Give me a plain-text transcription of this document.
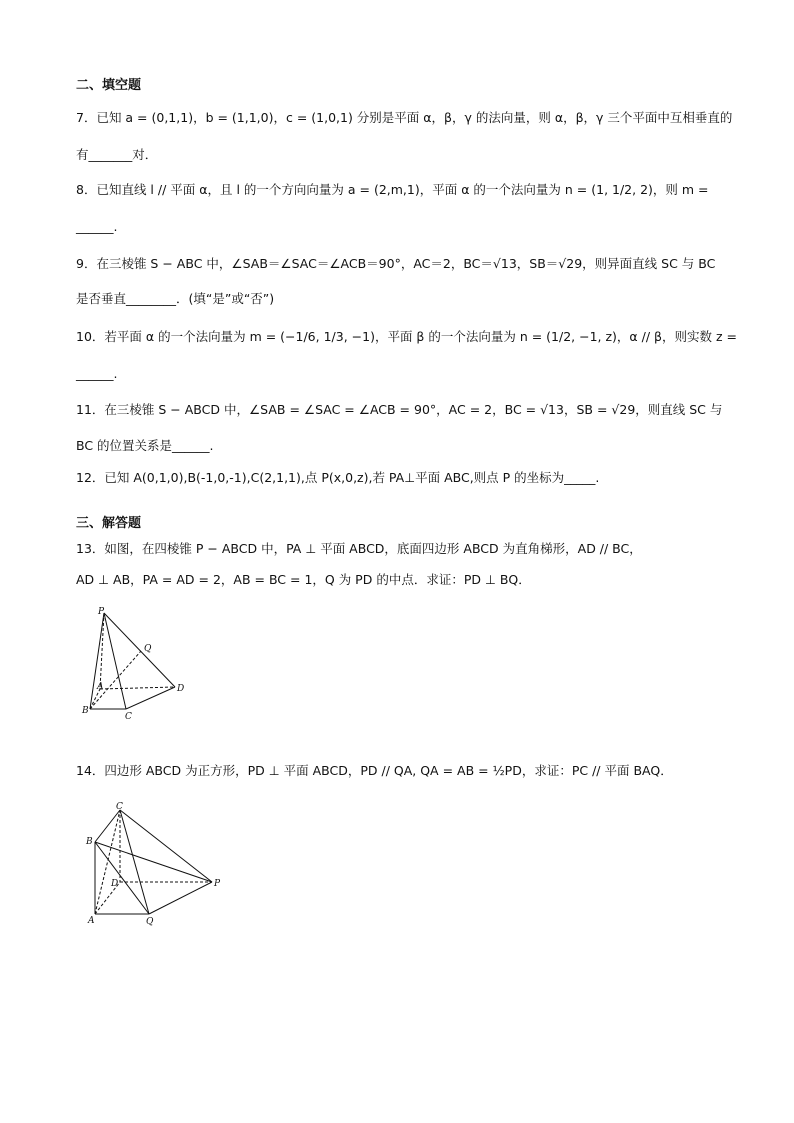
二、填空题
7．已知 a = (0,1,1)，b = (1,1,0)，c = (1,0,1) 分别是平面 α，β，γ 的法向量，则 α，β，γ 三个平面中互相垂直的
有_______对．
8．已知直线 l // 平面 α，且 l 的一个方向向量为 a = (2,m,1)，平面 α 的一个法向量为 n = (1, 1/2, 2)，则 m =
______.
9．在三棱锥 S − ABC 中，∠SAB＝∠SAC＝∠ACB＝90°，AC＝2，BC＝√13，SB＝√29，则异面直线 SC 与 BC
是否垂直________．(填“是”或“否”)
10．若平面 α 的一个法向量为 m = (−1/6, 1/3, −1)，平面 β 的一个法向量为 n = (1/2, −1, z)，α // β，则实数 z =
______.
11．在三棱锥 S − ABCD 中，∠SAB = ∠SAC = ∠ACB = 90°，AC = 2，BC = √13，SB = √29，则直线 SC 与
BC 的位置关系是______.
12．已知 A(0,1,0),B(-1,0,-1),C(2,1,1),点 P(x,0,z),若 PA⊥平面 ABC,则点 P 的坐标为_____.
三、解答题
13．如图，在四棱锥 P − ABCD 中，PA ⊥ 平面 ABCD，底面四边形 ABCD 为直角梯形，AD // BC，
AD ⊥ AB，PA = AD = 2，AB = BC = 1，Q 为 PD 的中点．求证：PD ⊥ BQ．
P
Q
A
B
C
D
14．四边形 ABCD 为正方形，PD ⊥ 平面 ABCD，PD // QA, QA = AB = ½PD，求证：PC // 平面 BAQ．
C
B
D	P
A	Q
